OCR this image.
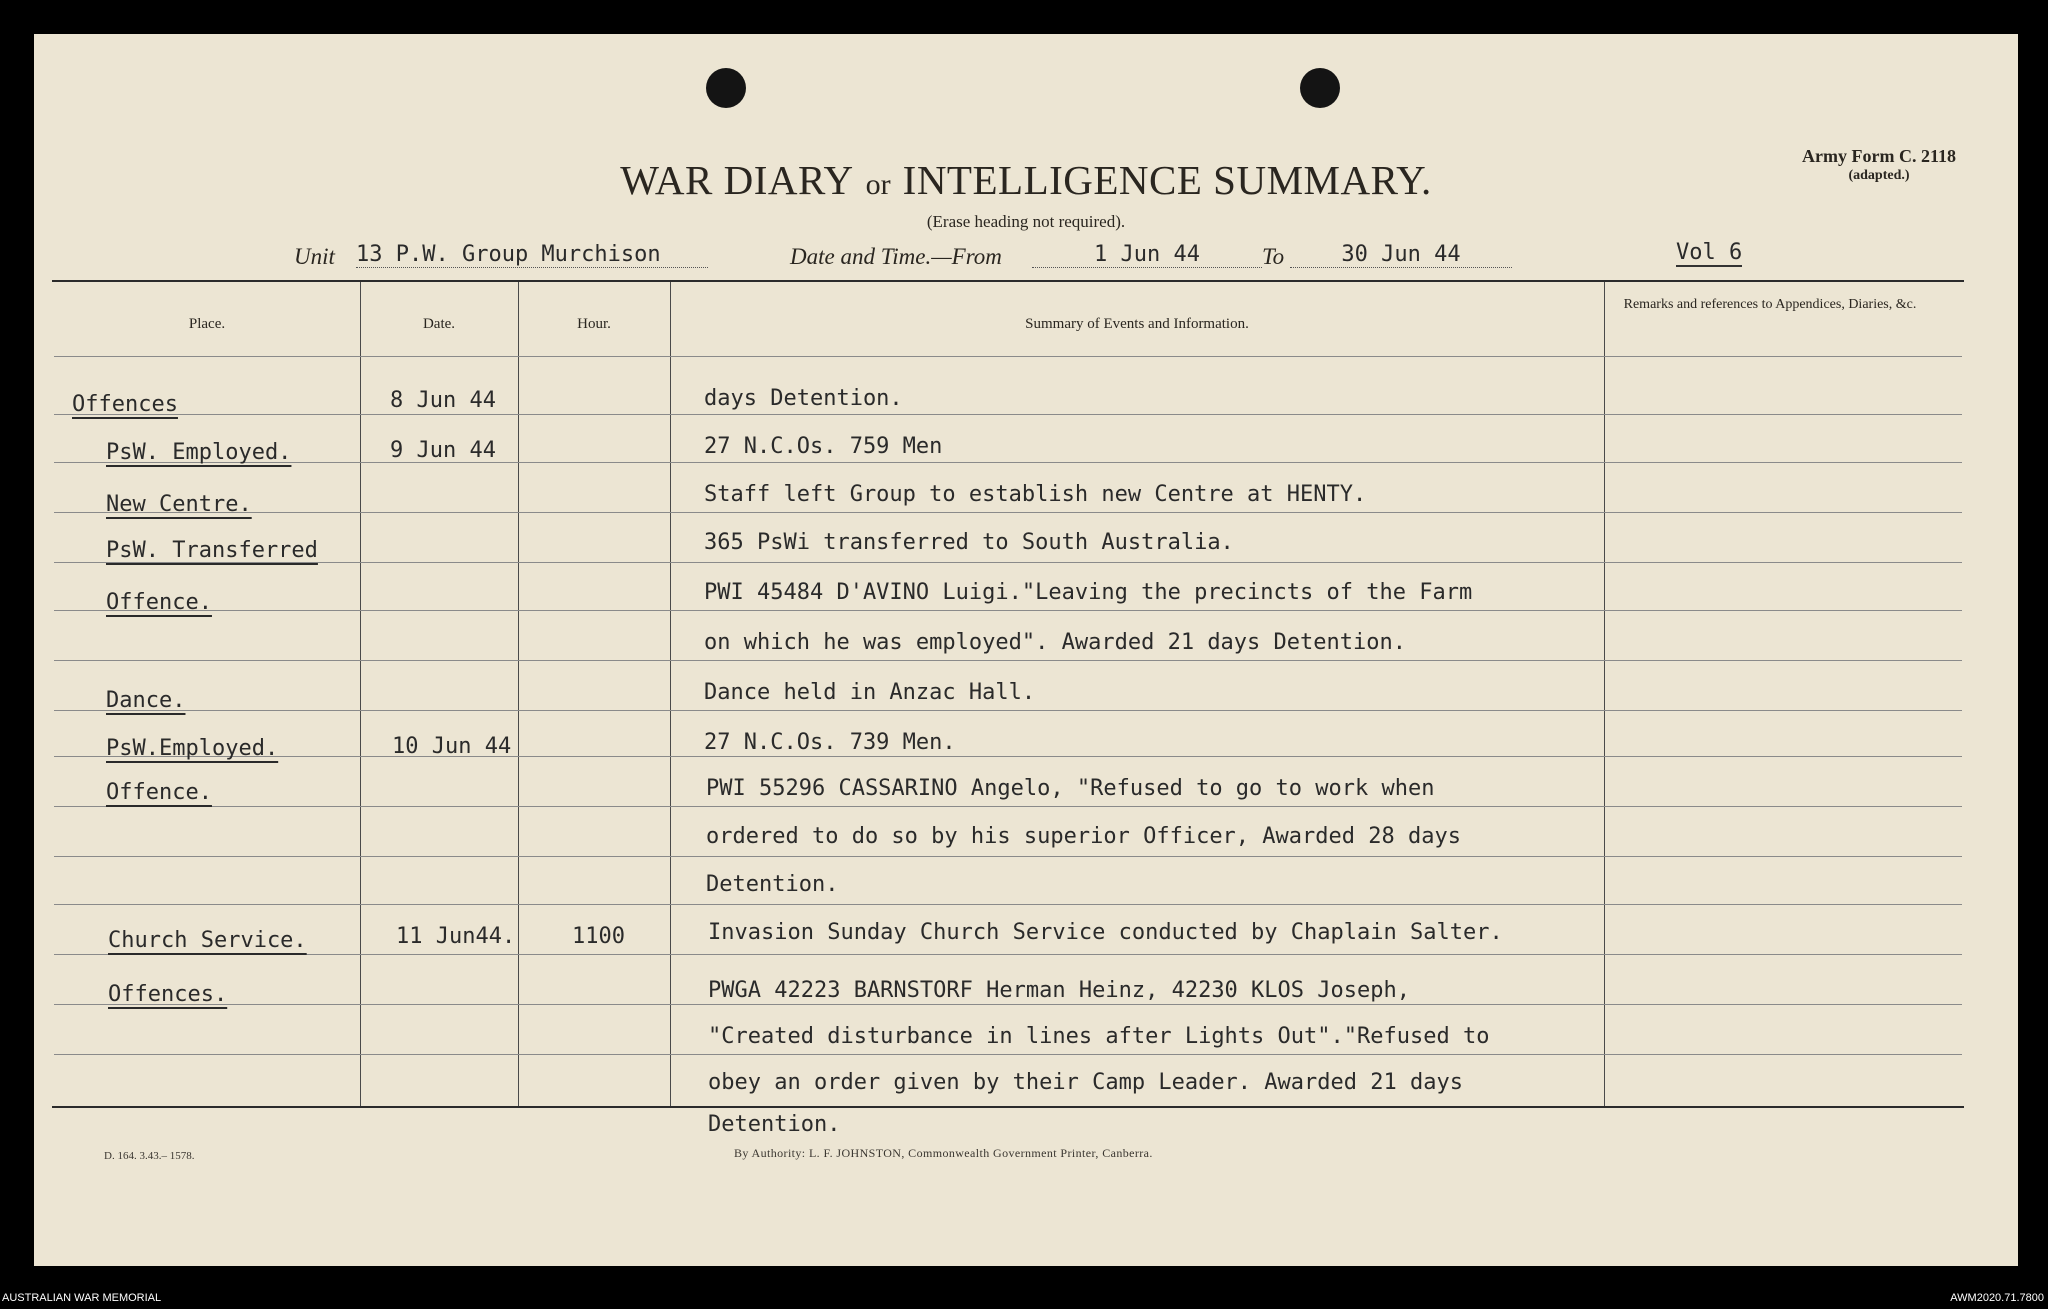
WAR DIARY or INTELLIGENCE SUMMARY.
(Erase heading not required).
Army Form C. 2118
(adapted.)
Unit 13 P.W. Group Murchison	Date and Time.—From	1 Jun 44	To	30 Jun 44	Vol 6
Place.	Date.	Hour.	Summary of Events and Information.
Remarks and references to Appendices, Diaries, &c.
Offences	8 Jun 44	days Detention.
PsW. Employed.	9 Jun 44	27 N.C.Os. 759 Men
New Centre.	Staff left Group to establish new Centre at HENTY.
PsW. Transferred	365 PsWi transferred to South Australia.
Offence.	PWI 45484 D'AVINO Luigi."Leaving the precincts of the Farm
on which he was employed". Awarded 21 days Detention.
Dance.	Dance held in Anzac Hall.
PsW.Employed.	10 Jun 44	27 N.C.Os. 739 Men.
Offence.	PWI 55296 CASSARINO Angelo, "Refused to go to work when
ordered to do so by his superior Officer, Awarded 28 days
Detention.
Church Service.	11 Jun44.	1100	Invasion Sunday Church Service conducted by Chaplain Salter.
Offences.	PWGA 42223 BARNSTORF Herman Heinz, 42230 KLOS Joseph,
"Created disturbance in lines after Lights Out"."Refused to
obey an order given by their Camp Leader. Awarded 21 days
Detention.
D. 164. 3.43.– 1578.	By Authority: L. F. JOHNSTON, Commonwealth Government Printer, Canberra.
AUSTRALIAN WAR MEMORIAL	AWM2020.71.7800
